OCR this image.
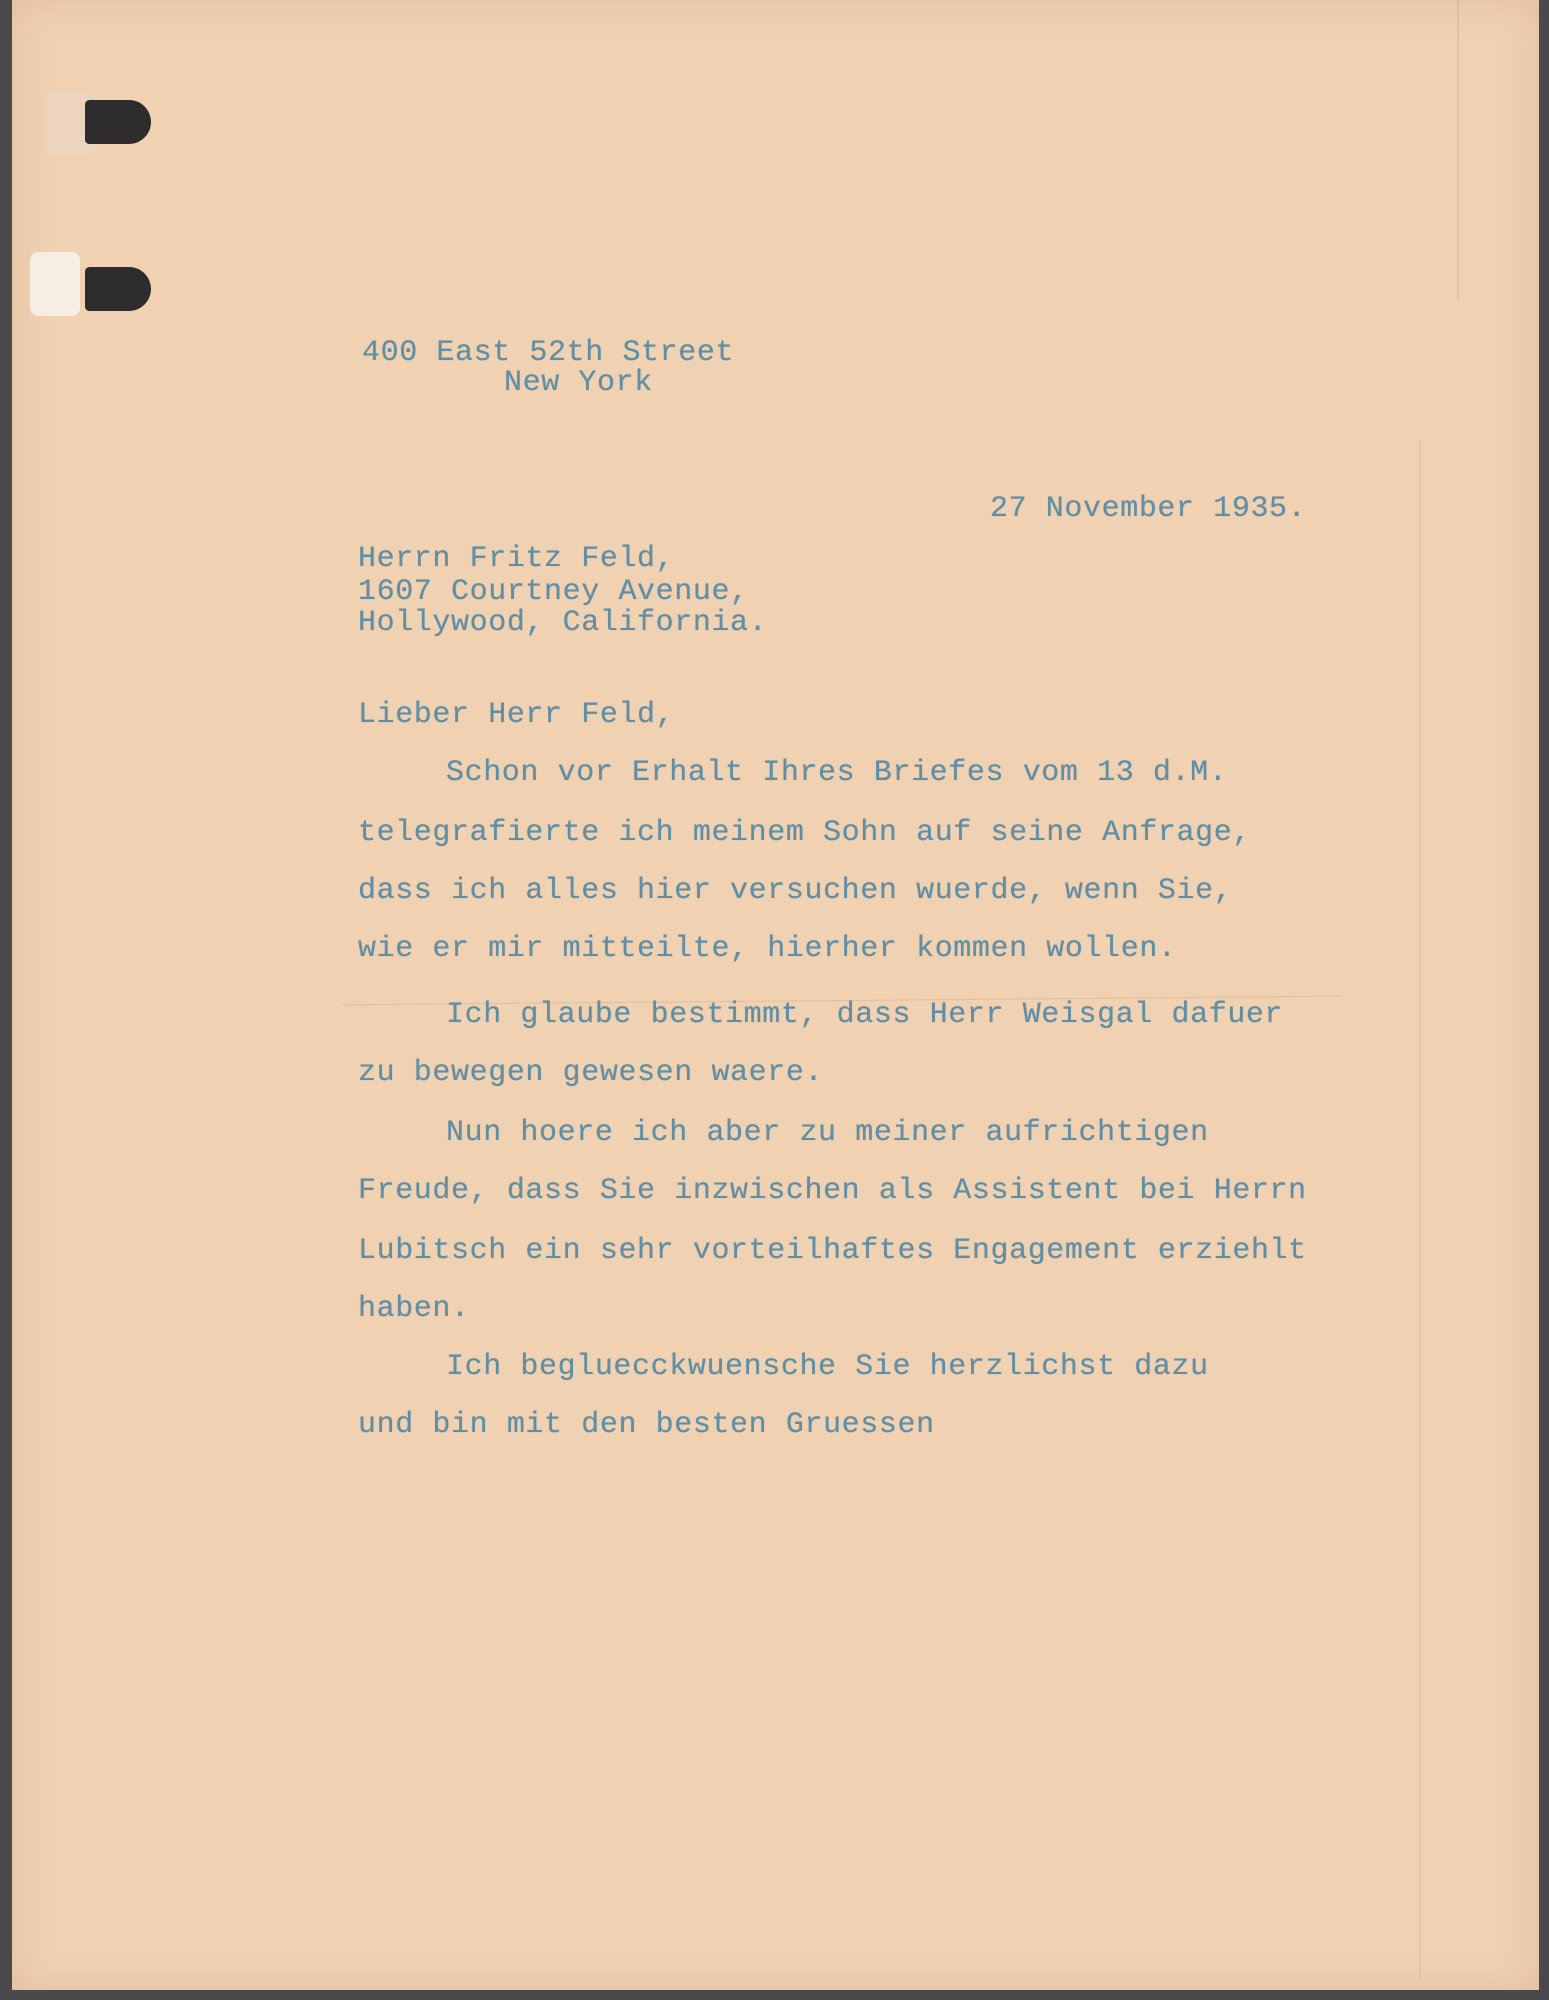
400 East 52th Street
New York
27 November 1935.
Herrn Fritz Feld,
1607 Courtney Avenue,
Hollywood, California.
Lieber Herr Feld,
Schon vor Erhalt Ihres Briefes vom 13 d.M.
telegrafierte ich meinem Sohn auf seine Anfrage,
dass ich alles hier versuchen wuerde, wenn Sie,
wie er mir mitteilte, hierher kommen wollen.
Ich glaube bestimmt, dass Herr Weisgal dafuer
zu bewegen gewesen waere.
Nun hoere ich aber zu meiner aufrichtigen
Freude, dass Sie inzwischen als Assistent bei Herrn
Lubitsch ein sehr vorteilhaftes Engagement erziehlt
haben.
Ich begluecckwuensche Sie herzlichst dazu
und bin mit den besten Gruessen
